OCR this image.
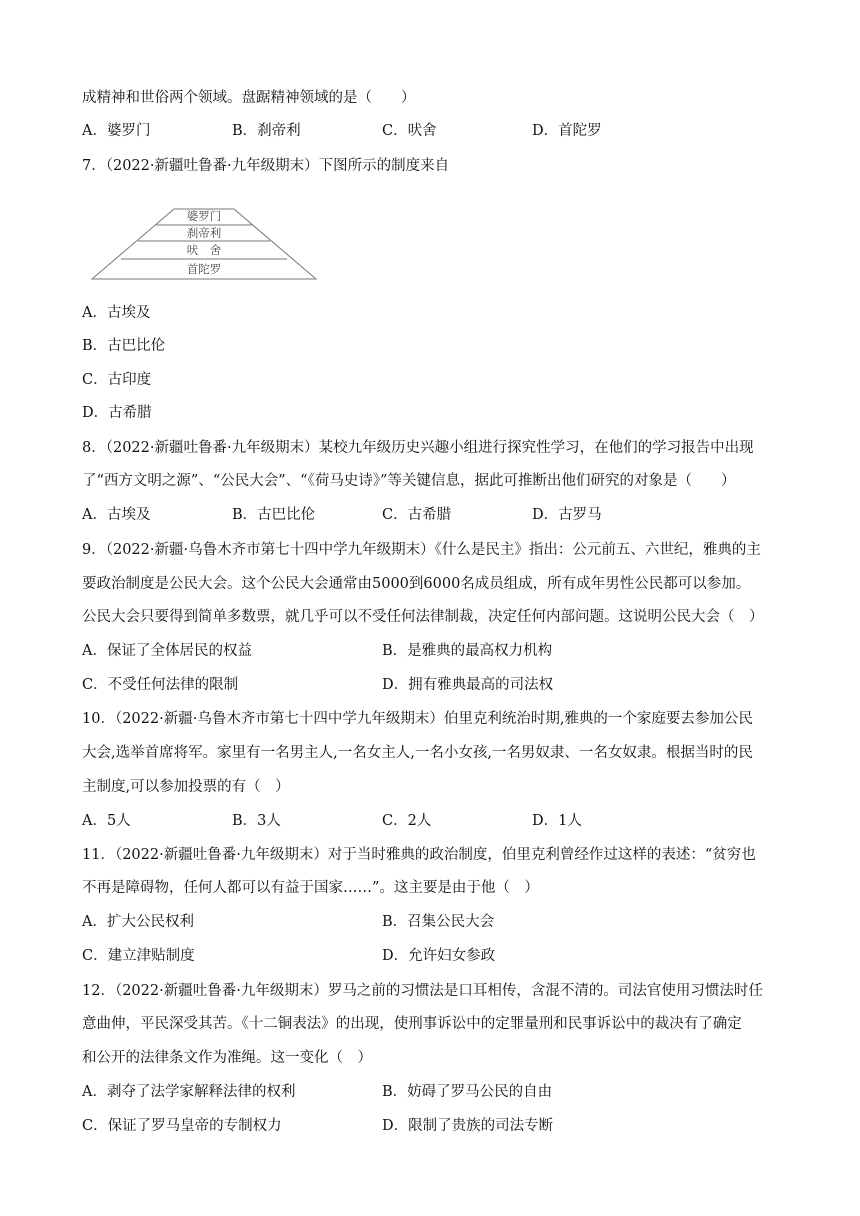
成精神和世俗两个领域。盘踞精神领域的是（　　）
A．婆罗门	B．刹帝利	C．吠舍	D．首陀罗
7．（2022·新疆吐鲁番·九年级期末）下图所示的制度来自
婆罗门
刹帝利
吠　舍
首陀罗
A．古埃及
B．古巴比伦
C．古印度
D．古希腊
8．（2022·新疆吐鲁番·九年级期末）某校九年级历史兴趣小组进行探究性学习，在他们的学习报告中出现
了“西方文明之源”、“公民大会”、“《荷马史诗》”等关键信息，据此可推断出他们研究的对象是（　　）
A．古埃及	B．古巴比伦	C．古希腊	D．古罗马
9．（2022·新疆·乌鲁木齐市第七十四中学九年级期末）《什么是民主》指出：公元前五、六世纪，雅典的主
要政治制度是公民大会。这个公民大会通常由5000到6000名成员组成，所有成年男性公民都可以参加。
公民大会只要得到简单多数票，就几乎可以不受任何法律制裁，决定任何内部问题。这说明公民大会（　）
A．保证了全体居民的权益	B．是雅典的最高权力机构
C．不受任何法律的限制	D．拥有雅典最高的司法权
10．（2022·新疆·乌鲁木齐市第七十四中学九年级期末）伯里克利统治时期,雅典的一个家庭要去参加公民
大会,选举首席将军。家里有一名男主人,一名女主人,一名小女孩,一名男奴隶、一名女奴隶。根据当时的民
主制度,可以参加投票的有（　）
A．5人	B．3人	C．2人	D．1人
11．（2022·新疆吐鲁番·九年级期末）对于当时雅典的政治制度，伯里克利曾经作过这样的表述：“贫穷也
不再是障碍物，任何人都可以有益于国家……”。这主要是由于他（　）
A．扩大公民权利	B．召集公民大会
C．建立津贴制度	D．允许妇女参政
12．（2022·新疆吐鲁番·九年级期末）罗马之前的习惯法是口耳相传，含混不清的。司法官使用习惯法时任
意曲伸，平民深受其苦。《十二铜表法》的出现，使刑事诉讼中的定罪量刑和民事诉讼中的裁决有了确定
和公开的法律条文作为准绳。这一变化（　）
A．剥夺了法学家解释法律的权利	B．妨碍了罗马公民的自由
C．保证了罗马皇帝的专制权力	D．限制了贵族的司法专断
